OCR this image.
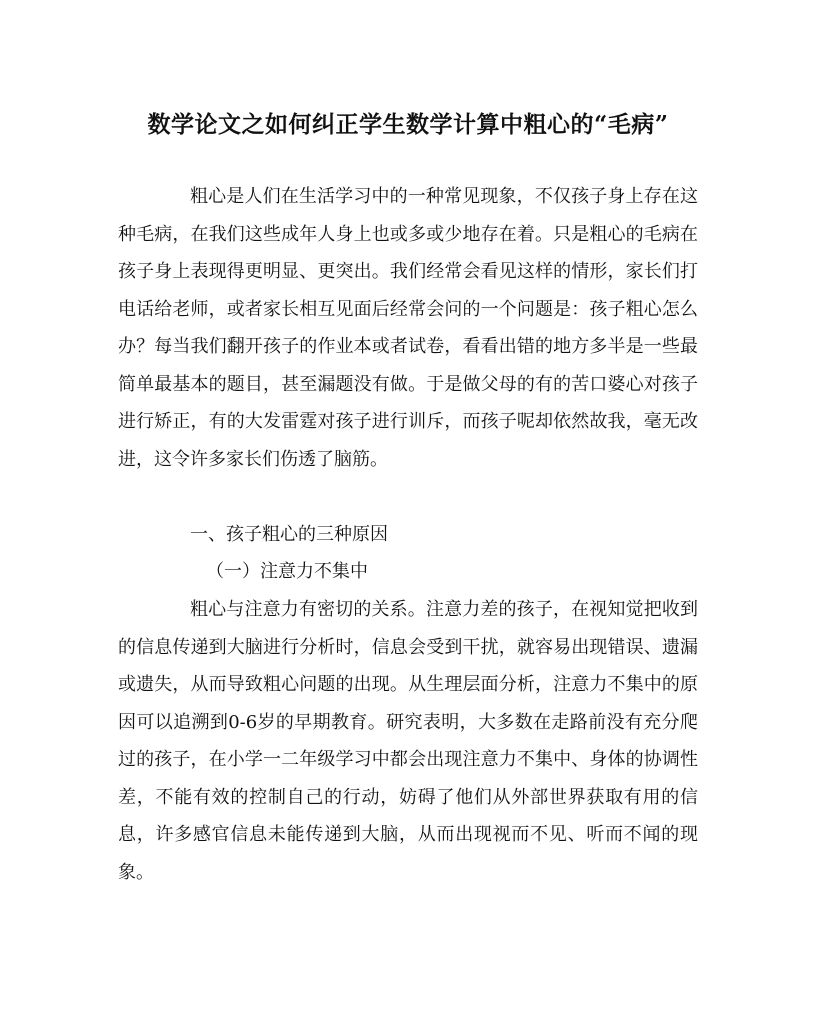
数学论文之如何纠正学生数学计算中粗心的“毛病”

粗心是人们在生活学习中的一种常见现象，不仅孩子身上存在这种毛病，在我们这些成年人身上也或多或少地存在着。只是粗心的毛病在孩子身上表现得更明显、更突出。我们经常会看见这样的情形，家长们打电话给老师，或者家长相互见面后经常会问的一个问题是：孩子粗心怎么办？每当我们翻开孩子的作业本或者试卷，看看出错的地方多半是一些最简单最基本的题目，甚至漏题没有做。于是做父母的有的苦口婆心对孩子进行矫正，有的大发雷霆对孩子进行训斥，而孩子呢却依然故我，毫无改进，这令许多家长们伤透了脑筋。

一、孩子粗心的三种原因
（一）注意力不集中

粗心与注意力有密切的关系。注意力差的孩子，在视知觉把收到的信息传递到大脑进行分析时，信息会受到干扰，就容易出现错误、遗漏或遗失，从而导致粗心问题的出现。从生理层面分析，注意力不集中的原因可以追溯到0-6岁的早期教育。研究表明，大多数在走路前没有充分爬过的孩子，在小学一二年级学习中都会出现注意力不集中、身体的协调性差，不能有效的控制自己的行动，妨碍了他们从外部世界获取有用的信息，许多感官信息未能传递到大脑，从而出现视而不见、听而不闻的现象。
